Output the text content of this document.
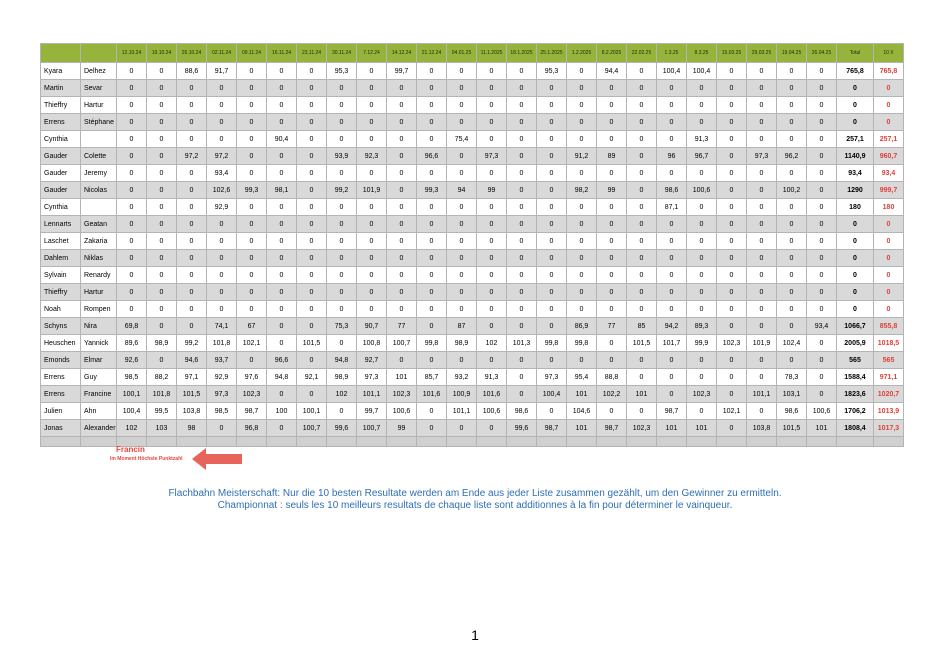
		12.10.24	19.10.24	26.10.24	02.11.24	09.11.24	16.11.24	23.11.24	30.11.24	7.12.24	14.12.24	21.12.24	04.01.25	11.1.2025	18.1.2025	25.1.2025	1.2.2025	8.2.2025	22.02.25	1.3.25	8.3.25	15.03.25	29.03.25	19.04.25	26.04.25	Total	10 X
Kyara	Delhez	0	0	88,6	91,7	0	0	0	95,3	0	99,7	0	0	0	0	95,3	0	94,4	0	100,4	100,4	0	0	0	0	765,8	765,8
Martin	Sevar	0	0	0	0	0	0	0	0	0	0	0	0	0	0	0	0	0	0	0	0	0	0	0	0	0	0
Thieffry	Hartur	0	0	0	0	0	0	0	0	0	0	0	0	0	0	0	0	0	0	0	0	0	0	0	0	0	0
Errens	Stéphane	0	0	0	0	0	0	0	0	0	0	0	0	0	0	0	0	0	0	0	0	0	0	0	0	0	0
Cynthia		0	0	0	0	0	90,4	0	0	0	0	0	75,4	0	0	0	0	0	0	0	91,3	0	0	0	0	257,1	257,1
Gauder	Colette	0	0	97,2	97,2	0	0	0	93,9	92,3	0	96,6	0	97,3	0	0	91,2	89	0	96	96,7	0	97,3	96,2	0	1140,9	960,7
Gauder	Jeremy	0	0	0	93,4	0	0	0	0	0	0	0	0	0	0	0	0	0	0	0	0	0	0	0	0	93,4	93,4
Gauder	Nicolas	0	0	0	102,6	99,3	98,1	0	99,2	101,9	0	99,3	94	99	0	0	98,2	99	0	98,6	100,6	0	0	100,2	0	1290	999,7
Cynthia		0	0	0	92,9	0	0	0	0	0	0	0	0	0	0	0	0	0	0	87,1	0	0	0	0	0	180	180
Lennarts	Geatan	0	0	0	0	0	0	0	0	0	0	0	0	0	0	0	0	0	0	0	0	0	0	0	0	0	0
Laschet	Zakaria	0	0	0	0	0	0	0	0	0	0	0	0	0	0	0	0	0	0	0	0	0	0	0	0	0	0
Dahlem	Niklas	0	0	0	0	0	0	0	0	0	0	0	0	0	0	0	0	0	0	0	0	0	0	0	0	0	0
Sylvain	Renardy	0	0	0	0	0	0	0	0	0	0	0	0	0	0	0	0	0	0	0	0	0	0	0	0	0	0
Thieffry	Hartur	0	0	0	0	0	0	0	0	0	0	0	0	0	0	0	0	0	0	0	0	0	0	0	0	0	0
Noah	Rompen	0	0	0	0	0	0	0	0	0	0	0	0	0	0	0	0	0	0	0	0	0	0	0	0	0	0
Schyns	Nira	69,8	0	0	74,1	67	0	0	75,3	90,7	77	0	87	0	0	0	86,9	77	85	94,2	89,3	0	0	0	93,4	1066,7	855,8
Heuschen	Yannick	89,6	98,9	99,2	101,8	102,1	0	101,5	0	100,8	100,7	99,8	98,9	102	101,3	99,8	99,8	0	101,5	101,7	99,9	102,3	101,9	102,4	0	2005,9	1018,5
Emonds	Elmar	92,6	0	94,6	93,7	0	96,6	0	94,8	92,7	0	0	0	0	0	0	0	0	0	0	0	0	0	0	0	565	565
Errens	Guy	98,5	88,2	97,1	92,9	97,6	94,8	92,1	98,9	97,3	101	85,7	93,2	91,3	0	97,3	95,4	88,8	0	0	0	0	0	78,3	0	1588,4	971,1
Errens	Francine	100,1	101,8	101,5	97,3	102,3	0	0	102	101,1	102,3	101,6	100,9	101,6	0	100,4	101	102,2	101	0	102,3	0	101,1	103,1	0	1823,6	1020,7
Julien	Ahn	100,4	99,5	103,8	98,5	98,7	100	100,1	0	99,7	100,6	0	101,1	100,6	98,6	0	104,6	0	0	98,7	0	102,1	0	98,6	100,6	1706,2	1013,9
Jonas	Alexander	102	103	98	0	96,8	0	100,7	99,6	100,7	99	0	0	0	99,6	98,7	101	98,7	102,3	101	101	0	103,8	101,5	101	1808,4	1017,3

Francin
Im Moment Höchste Punktzahl
Flachbahn Meisterschaft: Nur die 10 besten Resultate werden am Ende aus jeder Liste zusammen gezählt, um den Gewinner zu ermitteln.
Championnat : seuls les 10 meilleurs resultats de chaque liste sont additionnes à la fin pour déterminer le vainqueur.
1
